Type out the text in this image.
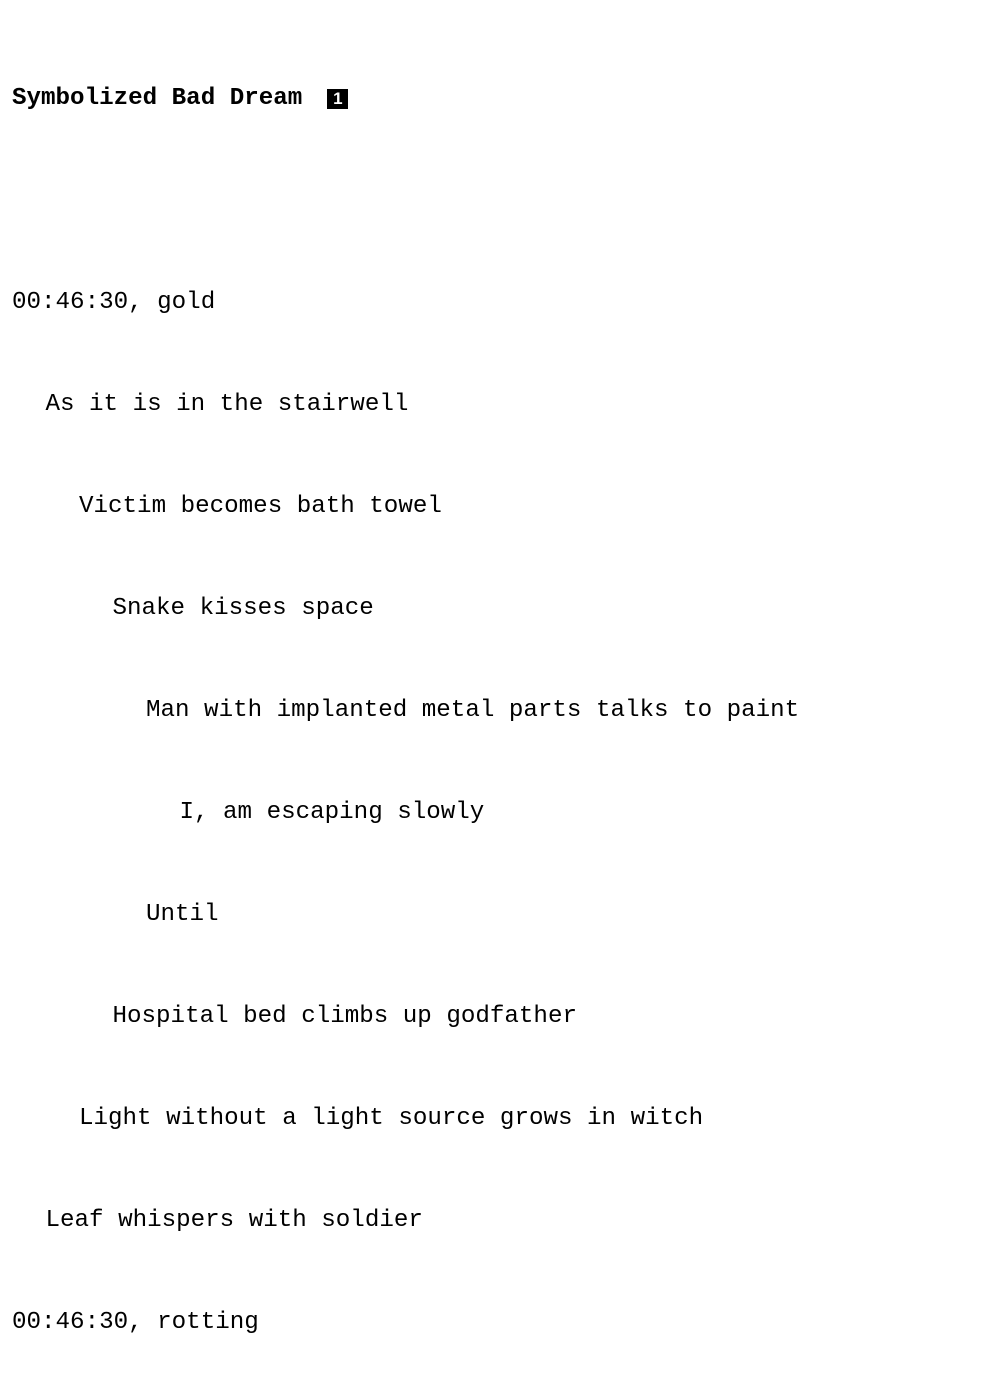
Symbolized Bad Dream	1

00:46:30, gold

As it is in the stairwell

Victim becomes bath towel

Snake kisses space

Man with implanted metal parts talks to paint

I, am escaping slowly

Until

Hospital bed climbs up godfather

Light without a light source grows in witch

Leaf whispers with soldier

00:46:30, rotting
